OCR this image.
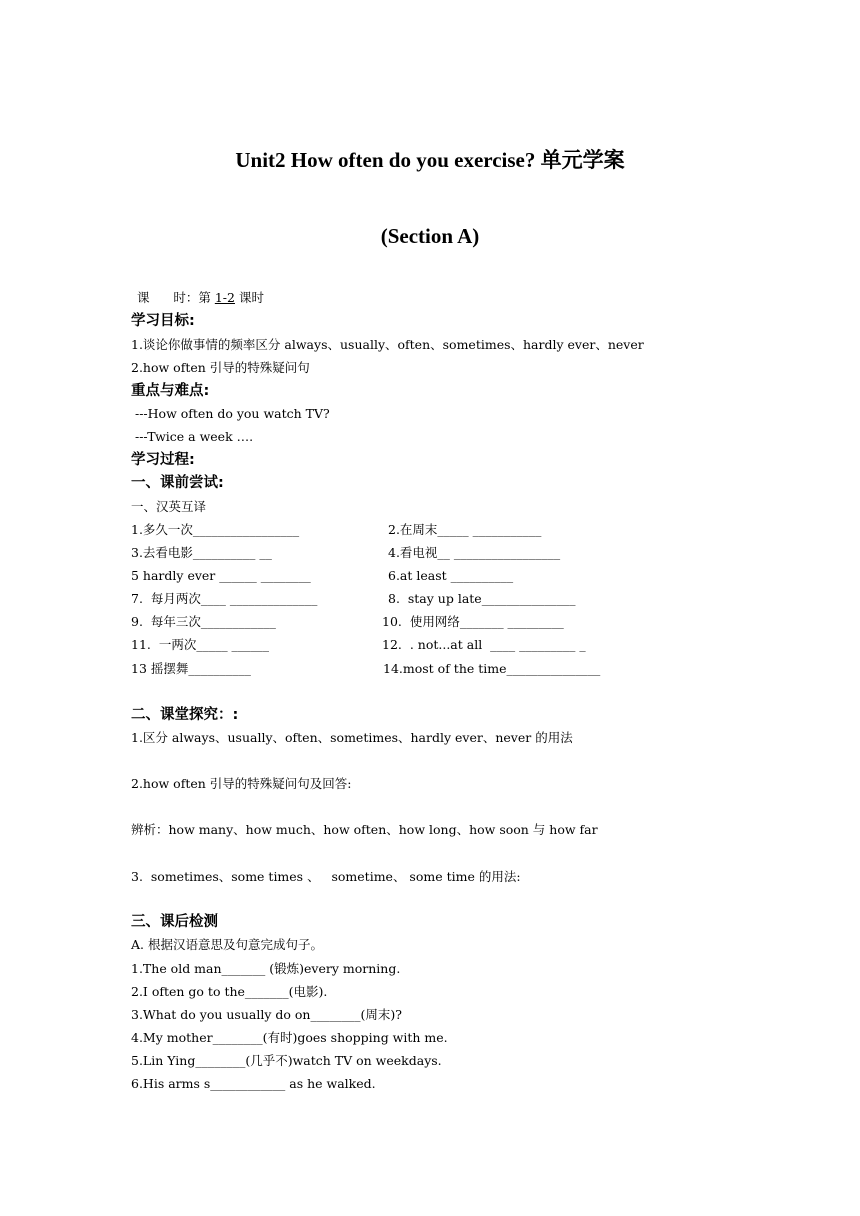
Unit2 How often do you exercise? 单元学案
(Section A)
课      时：第 1-2 课时
学习目标:
1.谈论你做事情的频率区分 always、usually、often、sometimes、hardly ever、never
2.how often 引导的特殊疑问句
重点与难点:
---How often do you watch TV?
---Twice a week ….
学习过程:
一、课前尝试:
一、汉英互译
1.多久一次_________________	2.在周末_____ ___________
3.去看电影__________ __	4.看电视__ _________________
5 hardly ever ______ ________	6.at least __________
7.  每月两次____ ______________	8.  stay up late_______________
9.  每年三次____________	10.  使用网络_______ _________
11.  一两次_____ ______	12.  . not...at all  ____ _________ _
13 摇摆舞__________	14.most of the time_______________
二、课堂探究：:
1.区分 always、usually、often、sometimes、hardly ever、never 的用法
2.how often 引导的特殊疑问句及回答:
辨析：how many、how much、how often、how long、how soon 与 how far
3.  sometimes、some times 、   sometime、 some time 的用法:
三、课后检测
A. 根据汉语意思及句意完成句子。
1.The old man_______ (锻炼)every morning.
2.I often go to the_______(电影).
3.What do you usually do on________(周末)?
4.My mother________(有时)goes shopping with me.
5.Lin Ying________(几乎不)watch TV on weekdays.
6.His arms s____________ as he walked.
